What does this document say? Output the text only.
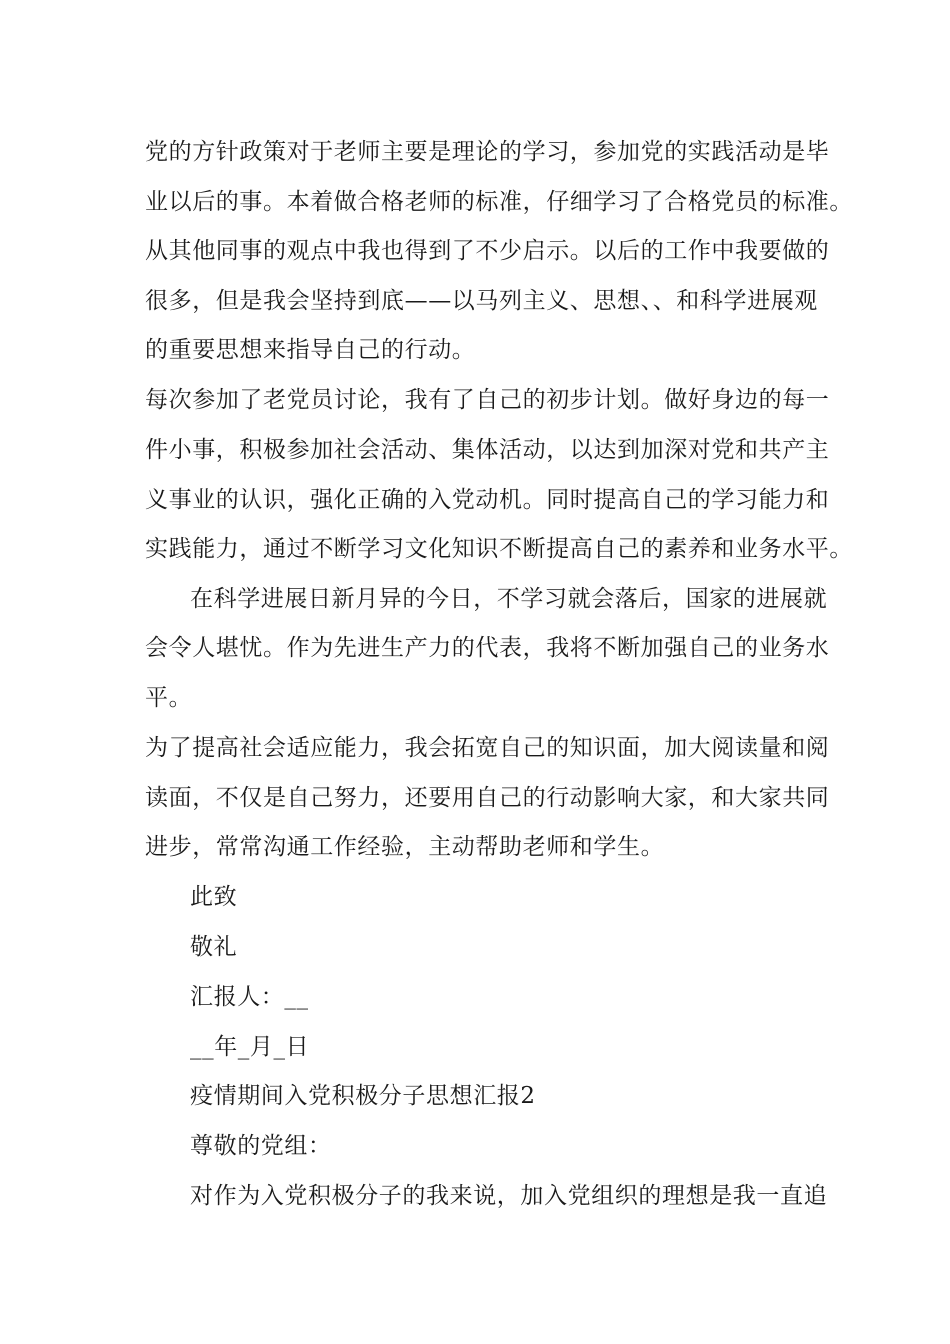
党的方针政策对于老师主要是理论的学习，参加党的实践活动是毕
业以后的事。本着做合格老师的标准，仔细学习了合格党员的标准。
从其他同事的观点中我也得到了不少启示。以后的工作中我要做的
很多，但是我会坚持到底——以马列主义、思想、、和科学进展观
的重要思想来指导自己的行动。
每次参加了老党员讨论，我有了自己的初步计划。做好身边的每一
件小事，积极参加社会活动、集体活动，以达到加深对党和共产主
义事业的认识，强化正确的入党动机。同时提高自己的学习能力和
实践能力，通过不断学习文化知识不断提高自己的素养和业务水平。
在科学进展日新月异的今日，不学习就会落后，国家的进展就
会令人堪忧。作为先进生产力的代表，我将不断加强自己的业务水
平。
为了提高社会适应能力，我会拓宽自己的知识面，加大阅读量和阅
读面，不仅是自己努力，还要用自己的行动影响大家，和大家共同
进步，常常沟通工作经验，主动帮助老师和学生。
此致
敬礼
汇报人：__
__年_月_日
疫情期间入党积极分子思想汇报2
尊敬的党组：
对作为入党积极分子的我来说，加入党组织的理想是我一直追
